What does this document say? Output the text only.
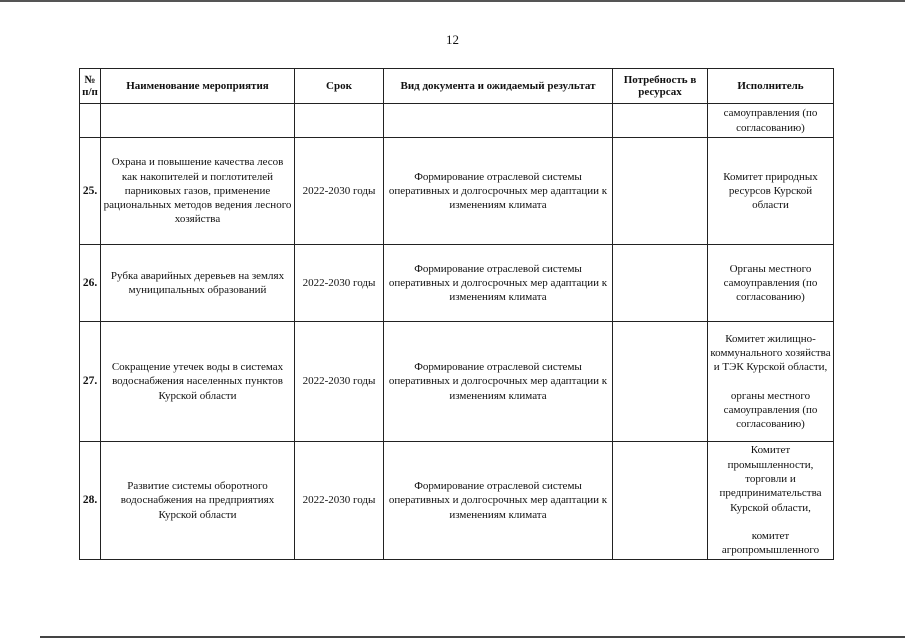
12
№ п/п	Наименование мероприятия	Срок	Вид документа и ожидаемый результат	Потребность в ресурсах	Исполнитель
					самоуправления (по согласованию)
25.	Охрана и повышение качества лесов как накопителей и поглотителей парниковых газов, применение рациональных методов ведения лесного хозяйства	2022-2030 годы	Формирование отраслевой системы оперативных и долгосрочных мер адаптации к изменениям климата		Комитет природных ресурсов Курской области
26.	Рубка аварийных деревьев на землях муниципальных образований	2022-2030 годы	Формирование отраслевой системы оперативных и долгосрочных мер адаптации к изменениям климата		Органы местного самоуправления (по согласованию)
27.	Сокращение утечек воды в системах водоснабжения населенных пунктов Курской области	2022-2030 годы	Формирование отраслевой системы оперативных и долгосрочных мер адаптации к изменениям климата		Комитет жилищно-коммунального хозяйства и ТЭК Курской области,
органы местного самоуправления (по согласованию)
28.	Развитие системы оборотного водоснабжения на предприятиях Курской области	2022-2030 годы	Формирование отраслевой системы оперативных и долгосрочных мер адаптации к изменениям климата		Комитет промышленности, торговли и предпринимательства Курской области,
комитет агропромышленного
